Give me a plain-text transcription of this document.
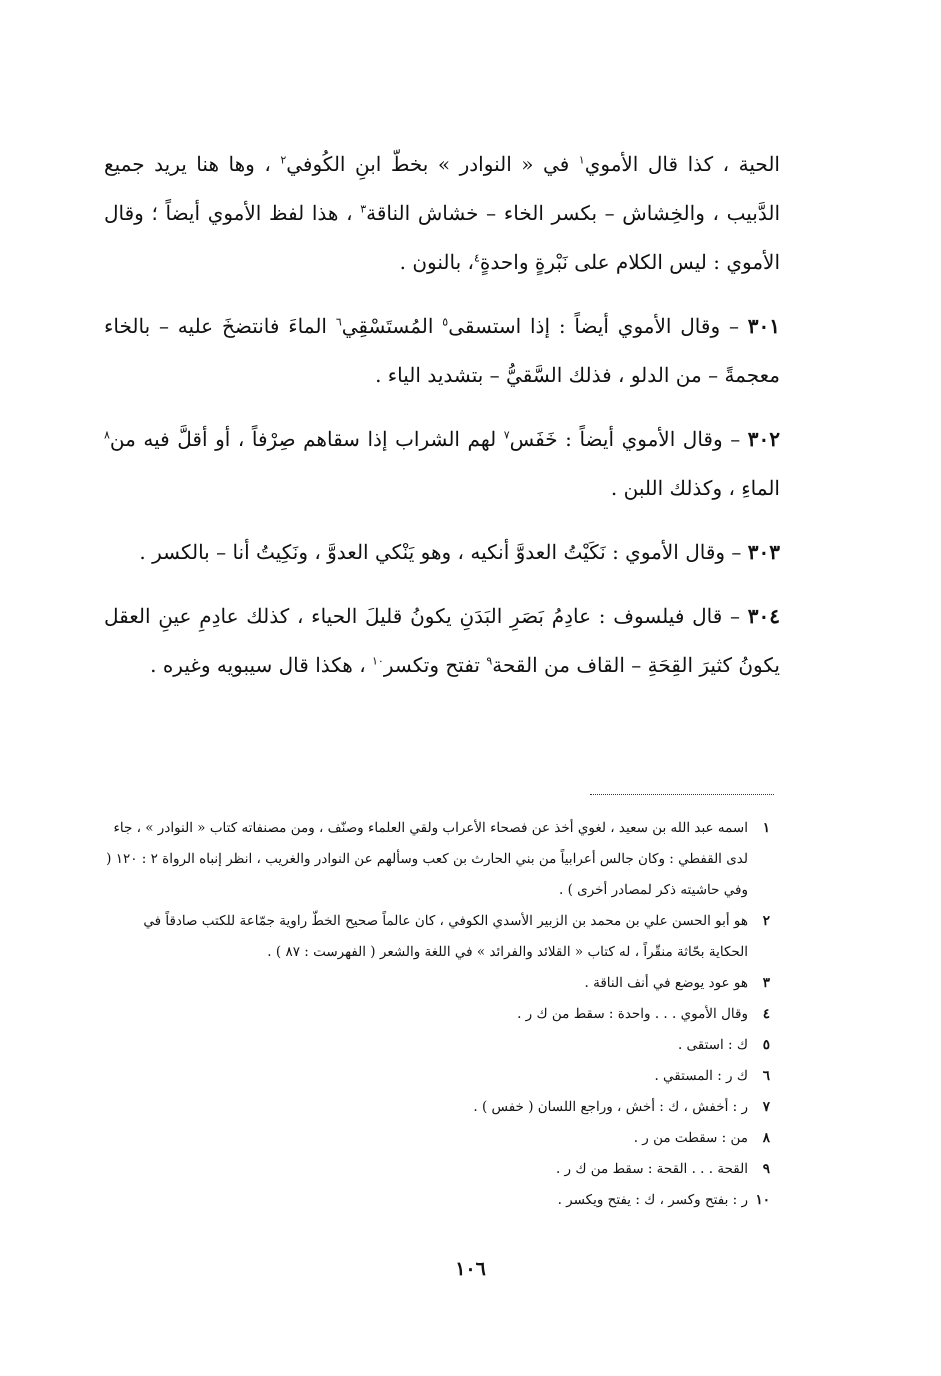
الحية ، كذا قال الأموي$^١$ في « النوادر » بخطّ ابنِ الكُوفي$^٢$ ، وها هنا يريد جميع الدَّبيب ، والخِشاش – بكسر الخاء – خشاش الناقة$^٣$ ، هذا لفظ الأموي أيضاً ؛ وقال الأموي : ليس الكلام على نَبْرةٍ واحدةٍ$^٤$، بالنون .

٣٠١ – وقال الأموي أيضاً : إذا استسقى$^٥$ المُستَسْقِي$^٦$ الماءَ فانتضخَ عليه – بالخاء معجمةً – من الدلو ، فذلك السَّقيُّ – بتشديد الياء .

٣٠٢ – وقال الأموي أيضاً : خَفَس$^٧$ لهم الشراب إذا سقاهم صِرْفاً ، أو أقلَّ فيه من$^٨$ الماءِ ، وكذلك اللبن .

٣٠٣ – وقال الأموي : نَكَيْتُ العدوَّ أنكيه ، وهو يَنْكي العدوَّ ، ونَكِيتُ أنا – بالكسر .

٣٠٤ – قال فيلسوف : عادِمُ بَصَرِ البَدَنِ يكونُ قليلَ الحياء ، كذلك عادِمِ عينِ العقل يكونُ كثيرَ القِحَةِ – القاف من القحة$^٩$ تفتح وتكسر$^{١٠}$ ، هكذا قال سيبويه وغيره .

١
اسمه عبد الله بن سعيد ، لغوي أخذ عن فصحاء الأعراب ولقي العلماء وصنّف ، ومن مصنفاته كتاب « النوادر » ، جاء لدى القفطي : وكان جالس أعرابياً من بني الحارث بن كعب وسألهم عن النوادر والغريب ، انظر إنباه الرواة ٢ : ١٢٠ ( وفي حاشيته ذكر لمصادر أخرى ) .
٢
هو أبو الحسن علي بن محمد بن الزبير الأسدي الكوفي ، كان عالماً صحيح الخطّ راوية جمّاعة للكتب صادقاً في الحكاية بحّاثة منقّراً ، له كتاب « القلائد والفرائد » في اللغة والشعر ( الفهرست : ٨٧ ) .
٣
هو عود يوضع في أنف الناقة .
٤
وقال الأموي . . . واحدة : سقط من ك ر .
٥
ك : استقى .
٦
ك ر : المستقي .
٧
ر : أخفش ، ك : أخش ، وراجع اللسان ( خفس ) .
٨
من : سقطت من ر .
٩
القحة . . . القحة : سقط من ك ر .
١٠
ر : بفتح وكسر ، ك : يفتح ويكسر .
١٠٦
